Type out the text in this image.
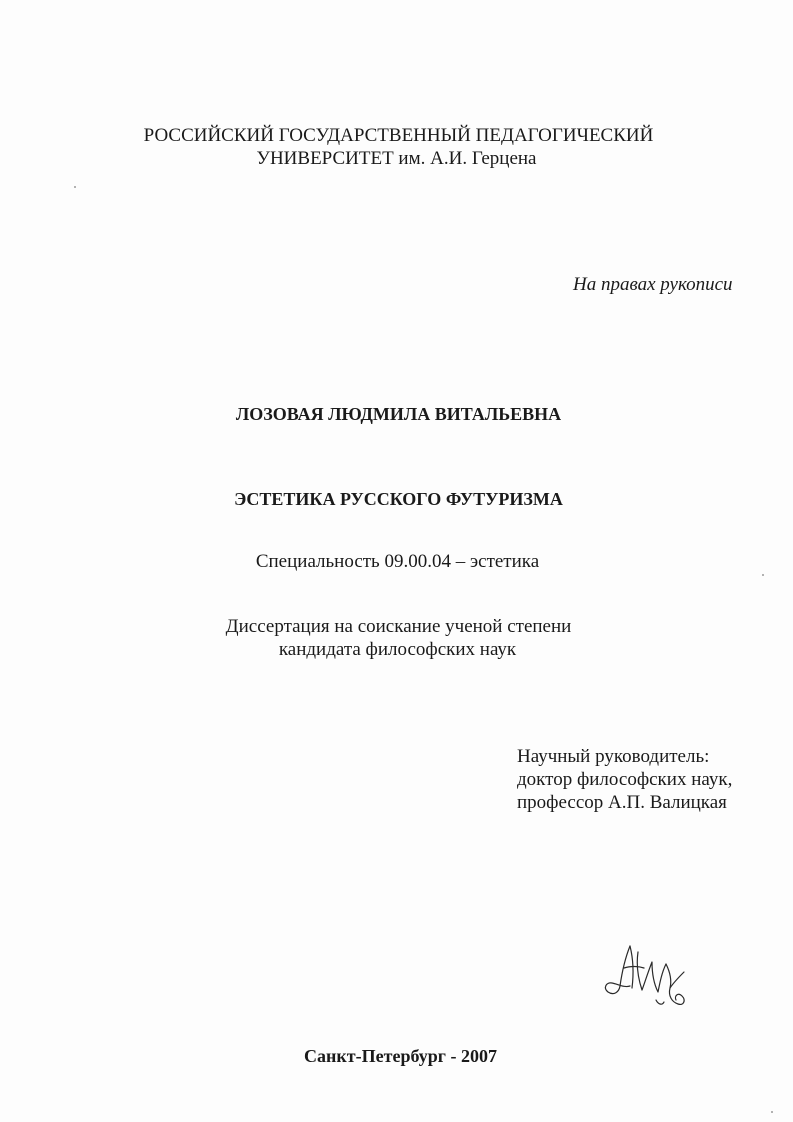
РОССИЙСКИЙ ГОСУДАРСТВЕННЫЙ ПЕДАГОГИЧЕСКИЙ
УНИВЕРСИТЕТ им. А.И. Герцена
На правах рукописи
ЛОЗОВАЯ ЛЮДМИЛА ВИТАЛЬЕВНА
ЭСТЕТИКА РУССКОГО ФУТУРИЗМА
Специальность 09.00.04 – эстетика
Диссертация на соискание ученой степени
кандидата философских наук
Научный руководитель:
доктор философских наук,
профессор А.П. Валицкая
Санкт-Петербург - 2007
